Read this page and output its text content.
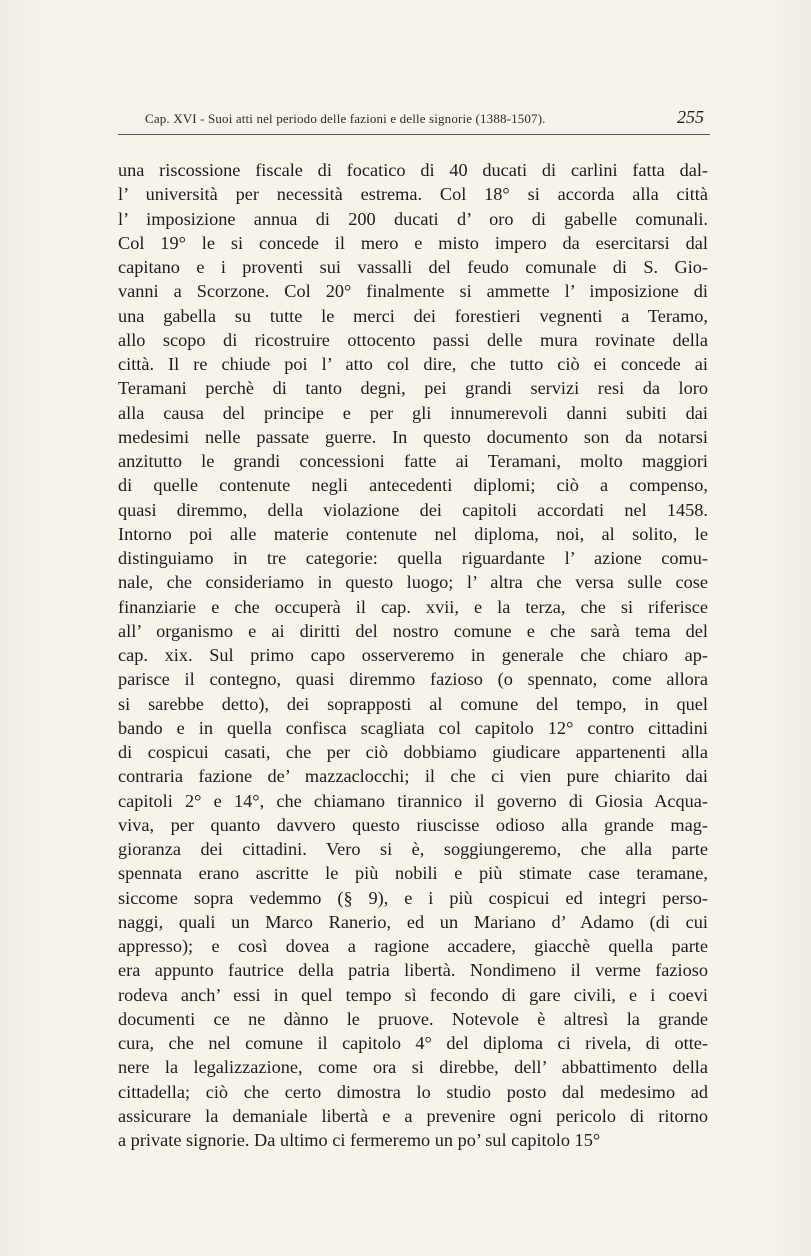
Cap. XVI - Suoi atti nel periodo delle fazioni e delle signorie (1388-1507).	255
una riscossione fiscale di focatico di 40 ducati di carlini fatta dal-
l’ università per necessità estrema. Col 18° si accorda alla città
l’ imposizione annua di 200 ducati d’ oro di gabelle comunali.
Col 19° le si concede il mero e misto impero da esercitarsi dal
capitano e i proventi sui vassalli del feudo comunale di S. Gio-
vanni a Scorzone. Col 20° finalmente si ammette l’ imposizione di
una gabella su tutte le merci dei forestieri vegnenti a Teramo,
allo scopo di ricostruire ottocento passi delle mura rovinate della
città. Il re chiude poi l’ atto col dire, che tutto ciò ei concede ai
Teramani perchè di tanto degni, pei grandi servizi resi da loro
alla causa del principe e per gli innumerevoli danni subiti dai
medesimi nelle passate guerre. In questo documento son da notarsi
anzitutto le grandi concessioni fatte ai Teramani, molto maggiori
di quelle contenute negli antecedenti diplomi; ciò a compenso,
quasi diremmo, della violazione dei capitoli accordati nel 1458.
Intorno poi alle materie contenute nel diploma, noi, al solito, le
distinguiamo in tre categorie: quella riguardante l’ azione comu-
nale, che consideriamo in questo luogo; l’ altra che versa sulle cose
finanziarie e che occuperà il cap. xvii, e la terza, che si riferisce
all’ organismo e ai diritti del nostro comune e che sarà tema del
cap. xix. Sul primo capo osserveremo in generale che chiaro ap-
parisce il contegno, quasi diremmo fazioso (o spennato, come allora
si sarebbe detto), dei soprapposti al comune del tempo, in quel
bando e in quella confisca scagliata col capitolo 12° contro cittadini
di cospicui casati, che per ciò dobbiamo giudicare appartenenti alla
contraria fazione de’ mazzaclocchi; il che ci vien pure chiarito dai
capitoli 2° e 14°, che chiamano tirannico il governo di Giosia Acqua-
viva, per quanto davvero questo riuscisse odioso alla grande mag-
gioranza dei cittadini. Vero si è, soggiungeremo, che alla parte
spennata erano ascritte le più nobili e più stimate case teramane,
siccome sopra vedemmo (§ 9), e i più cospicui ed integri perso-
naggi, quali un Marco Ranerio, ed un Mariano d’ Adamo (di cui
appresso); e così dovea a ragione accadere, giacchè quella parte
era appunto fautrice della patria libertà. Nondimeno il verme fazioso
rodeva anch’ essi in quel tempo sì fecondo di gare civili, e i coevi
documenti ce ne dànno le pruove. Notevole è altresì la grande
cura, che nel comune il capitolo 4° del diploma ci rivela, di otte-
nere la legalizzazione, come ora si direbbe, dell’ abbattimento della
cittadella; ciò che certo dimostra lo studio posto dal medesimo ad
assicurare la demaniale libertà e a prevenire ogni pericolo di ritorno
a private signorie. Da ultimo ci fermeremo un po’ sul capitolo 15°
